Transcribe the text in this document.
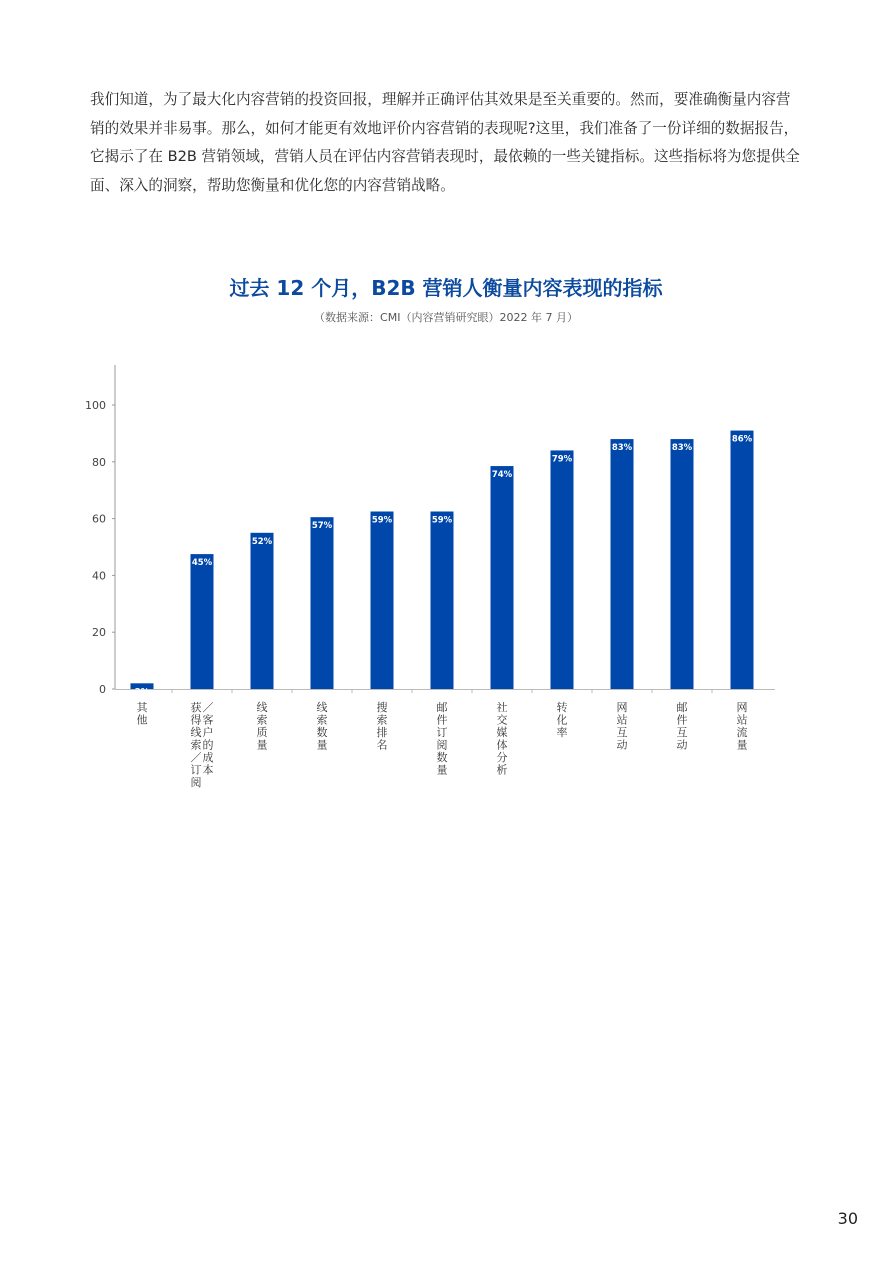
我们知道，为了最大化内容营销的投资回报，理解并正确评估其效果是至关重要的。然而，要准确衡量内容营销的效果并非易事。那么，如何才能更有效地评价内容营销的表现呢?这里，我们准备了一份详细的数据报告，它揭示了在 B2B 营销领域，营销人员在评估内容营销表现时，最依赖的一些关键指标。这些指标将为您提供全面、深入的洞察，帮助您衡量和优化您的内容营销战略。

过去 12 个月，B2B 营销人衡量内容表现的指标

（数据来源：CMI（内容营销研究眼）2022 年 7 月）

0
20
40
60
80
100
2%
其他
45%
获得线索／订阅
／客户的成本
52%
线索质量
57%
线索数量
59%
搜索排名
59%
邮件订阅数量
74%
社交媒体分析
79%
转化率
83%
网站互动
83%
邮件互动
86%
网站流量
30
